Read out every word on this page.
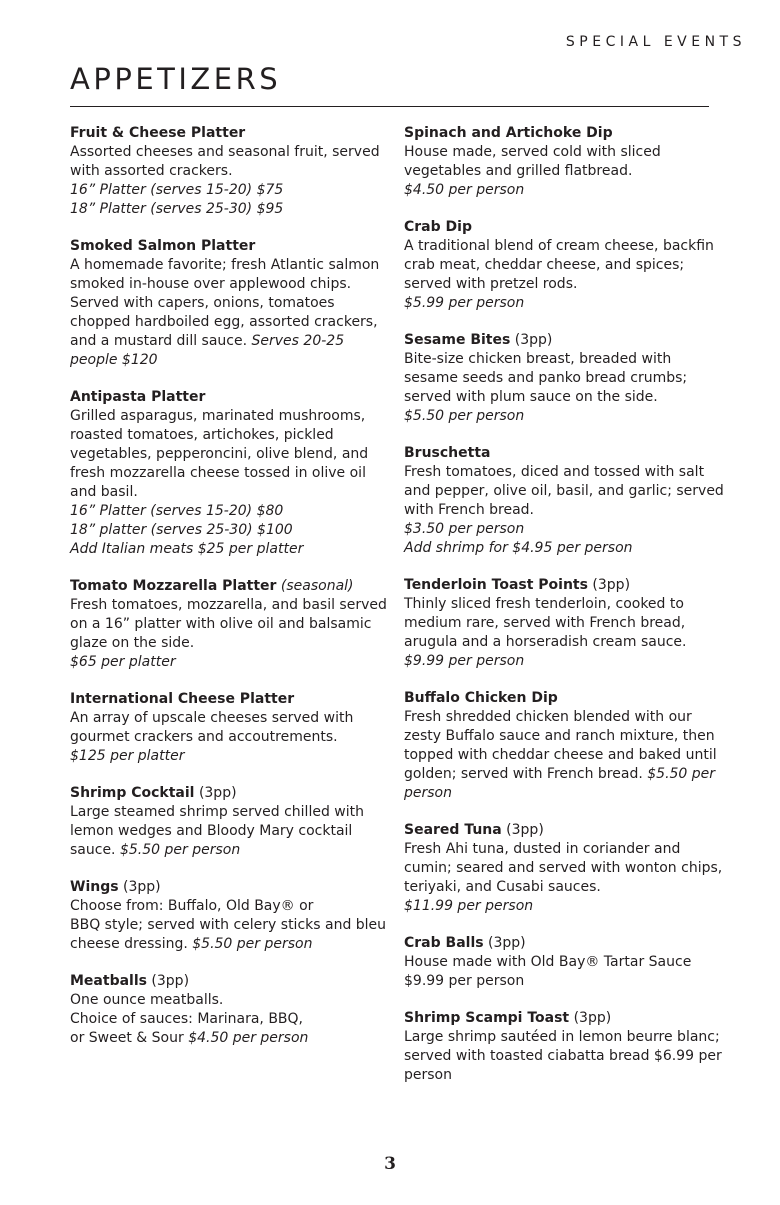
SPECIAL EVENTS
APPETIZERS

Fruit & Cheese Platter

Assorted cheeses and seasonal fruit, served with assorted crackers.
16” Platter (serves 15-20) $75
18” Platter (serves 25-30) $95

Smoked Salmon Platter

A homemade favorite; fresh Atlantic salmon smoked in-house over applewood chips. Served with capers, onions, tomatoes chopped hardboiled egg, assorted crackers, and a mustard dill sauce. Serves 20-25 people $120

Antipasta Platter

Grilled asparagus, marinated mushrooms, roasted tomatoes, artichokes, pickled vegetables, pepperoncini, olive blend, and fresh mozzarella cheese tossed in olive oil and basil.
16” Platter (serves 15-20) $80
18” platter (serves 25-30) $100
Add Italian meats $25 per platter

Tomato Mozzarella Platter (seasonal)

Fresh tomatoes, mozzarella, and basil served on a 16” platter with olive oil and balsamic glaze on the side.
$65 per platter

International Cheese Platter

An array of upscale cheeses served with gourmet crackers and accoutrements.
$125 per platter

Shrimp Cocktail (3pp)

Large steamed shrimp served chilled with lemon wedges and Bloody Mary cocktail sauce. $5.50 per person

Wings (3pp)

Choose from: Buffalo, Old Bay® or
BBQ style; served with celery sticks and bleu cheese dressing. $5.50 per person

Meatballs (3pp)

One ounce meatballs.
Choice of sauces: Marinara, BBQ,
or Sweet & Sour $4.50 per person

Spinach and Artichoke Dip

House made, served cold with sliced vegetables and grilled flatbread.
$4.50 per person

Crab Dip

A traditional blend of cream cheese, backfin crab meat, cheddar cheese, and spices; served with pretzel rods.
$5.99 per person

Sesame Bites (3pp)

Bite-size chicken breast, breaded with sesame seeds and panko bread crumbs; served with plum sauce on the side.
$5.50 per person

Bruschetta

Fresh tomatoes, diced and tossed with salt and pepper, olive oil, basil, and garlic; served with French bread.
$3.50 per person
Add shrimp for $4.95 per person

Tenderloin Toast Points (3pp)

Thinly sliced fresh tenderloin, cooked to medium rare, served with French bread, arugula and a horseradish cream sauce.
$9.99 per person

Buffalo Chicken Dip

Fresh shredded chicken blended with our zesty Buffalo sauce and ranch mixture, then topped with cheddar cheese and baked until golden; served with French bread. $5.50 per person

Seared Tuna (3pp)

Fresh Ahi tuna, dusted in coriander and cumin; seared and served with wonton chips, teriyaki, and Cusabi sauces.
$11.99 per person

Crab Balls (3pp)

House made with Old Bay® Tartar Sauce
$9.99 per person

Shrimp Scampi Toast (3pp)

Large shrimp sautéed in lemon beurre blanc; served with toasted ciabatta bread $6.99 per person

3
